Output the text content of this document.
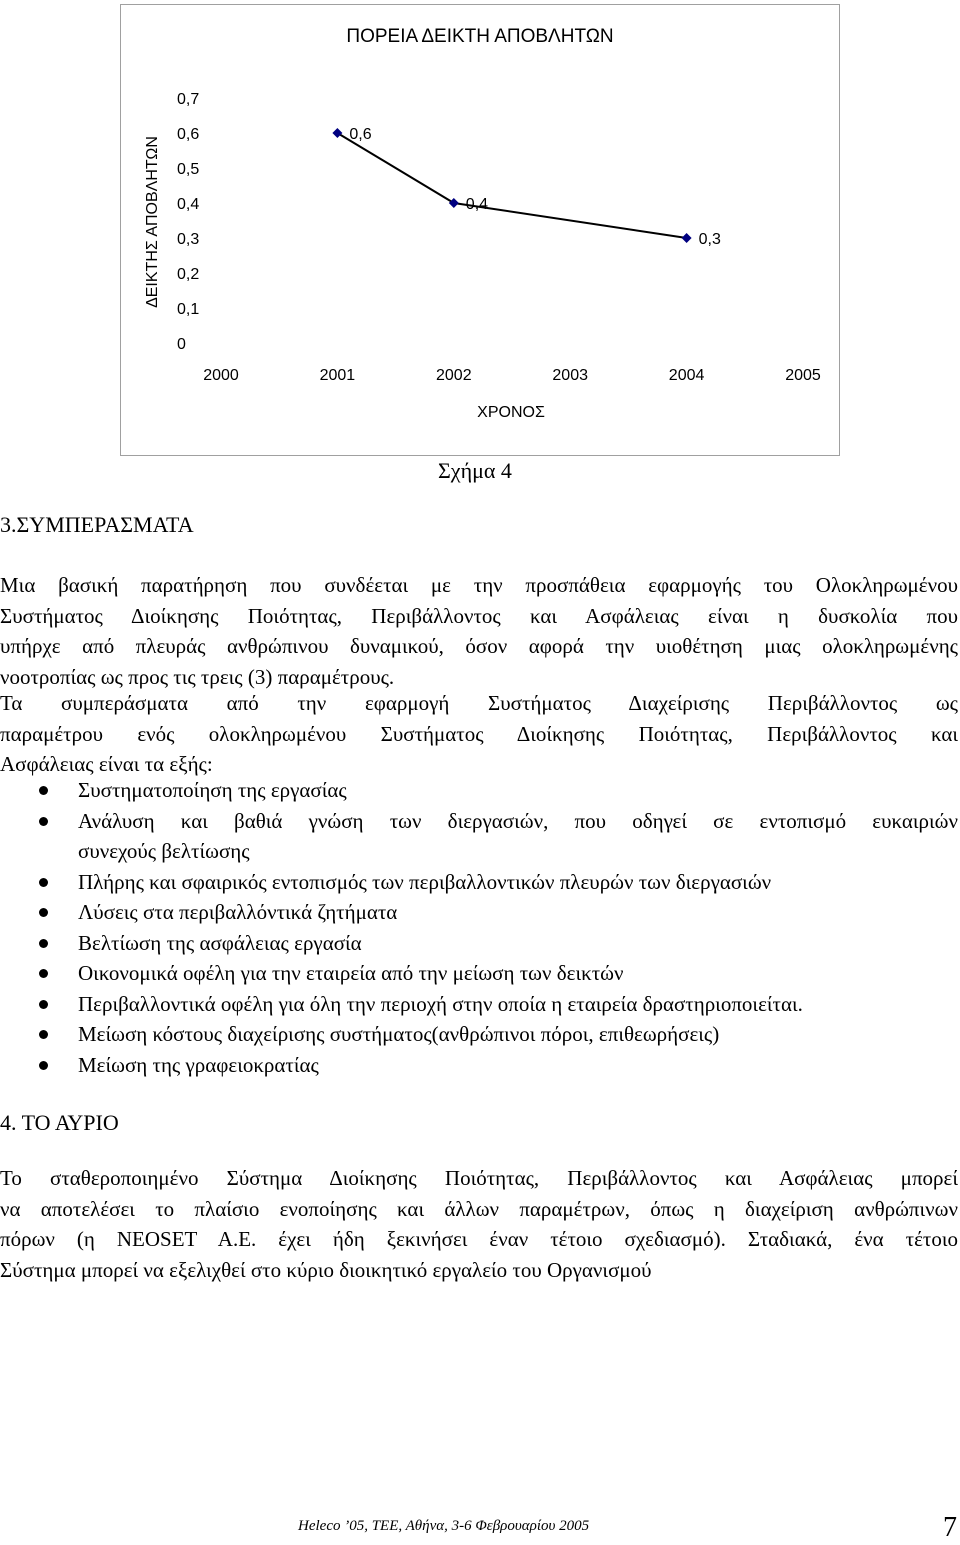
ΠΟΡΕΙΑ ΔΕΙΚΤΗ ΑΠΟΒΛΗΤΩΝ
0
0,1
0,2
0,3
0,4
0,5
0,6
0,7
2000	2001	2002	2003	2004	2005
ΧΡΟΝΟΣ
ΔΕΙΚΤΗΣ ΑΠΟΒΛΗΤΩΝ
0,6
0,4
0,3
Σχήμα 4
3.ΣΥΜΠΕΡΑΣΜΑΤΑ
Μια βασική παρατήρηση που συνδέεται με την προσπάθεια εφαρμογής του Ολοκληρωμένου
Συστήματος Διοίκησης Ποιότητας, Περιβάλλοντος και Ασφάλειας είναι η δυσκολία που
υπήρχε από πλευράς ανθρώπινου δυναμικού, όσον αφορά την υιοθέτηση μιας ολοκληρωμένης
νοοτροπίας ως προς τις τρεις (3) παραμέτρους.
Τα συμπεράσματα από την εφαρμογή Συστήματος Διαχείρισης Περιβάλλοντος ως
παραμέτρου ενός ολοκληρωμένου Συστήματος Διοίκησης Ποιότητας, Περιβάλλοντος και
Ασφάλειας είναι τα εξής:
Συστηματοποίηση της εργασίας
Ανάλυση και βαθιά γνώση των διεργασιών, που οδηγεί σε εντοπισμό ευκαιριών
συνεχούς βελτίωσης
Πλήρης και σφαιρικός εντοπισμός των περιβαλλοντικών πλευρών των διεργασιών
Λύσεις στα περιβαλλόντικά ζητήματα
Βελτίωση της ασφάλειας εργασία
Οικονομικά οφέλη για την εταιρεία από την μείωση των δεικτών
Περιβαλλοντικά οφέλη για όλη την περιοχή στην οποία η εταιρεία δραστηριοποιείται.
Μείωση κόστους διαχείρισης συστήματος(ανθρώπινοι πόροι, επιθεωρήσεις)
Μείωση της γραφειοκρατίας
4. ΤΟ ΑΥΡΙΟ
Το σταθεροποιημένο Σύστημα Διοίκησης Ποιότητας, Περιβάλλοντος και Ασφάλειας μπορεί
να αποτελέσει το πλαίσιο ενοποίησης και άλλων παραμέτρων, όπως η διαχείριση ανθρώπινων
πόρων (η NEOSET A.E. έχει ήδη ξεκινήσει έναν τέτοιο σχεδιασμό). Σταδιακά, ένα τέτοιο
Σύστημα μπορεί να εξελιχθεί στο κύριο διοικητικό εργαλείο του Οργανισμού
Heleco ’05, ΤΕΕ, Αθήνα, 3-6 Φεβρουαρίου 2005	7
